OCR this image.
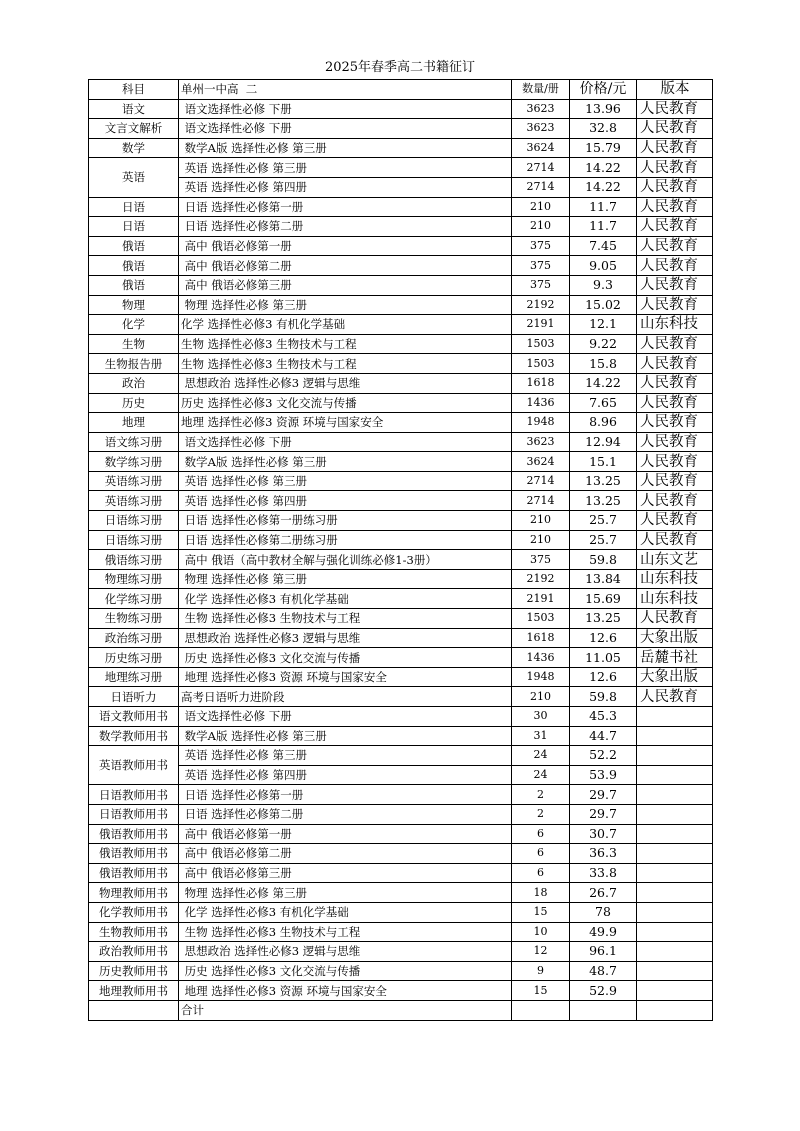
2025年春季高二书籍征订
科目	单州一中高  二	数量/册	价格/元	版本
语文	语文选择性必修 下册	3623	13.96	人民教育
文言文解析	语文选择性必修 下册	3623	32.8	人民教育
数学	数学A版 选择性必修 第三册	3624	15.79	人民教育
英语	英语 选择性必修 第三册	2714	14.22	人民教育
	英语 选择性必修 第四册	2714	14.22	人民教育
日语	日语 选择性必修第一册	210	11.7	人民教育
日语	日语 选择性必修第二册	210	11.7	人民教育
俄语	高中 俄语必修第一册	375	7.45	人民教育
俄语	高中 俄语必修第二册	375	9.05	人民教育
俄语	高中 俄语必修第三册	375	9.3	人民教育
物理	物理 选择性必修 第三册	2192	15.02	人民教育
化学	化学 选择性必修3 有机化学基础	2191	12.1	山东科技
生物	生物 选择性必修3 生物技术与工程	1503	9.22	人民教育
生物报告册	生物 选择性必修3 生物技术与工程	1503	15.8	人民教育
政治	思想政治 选择性必修3 逻辑与思维	1618	14.22	人民教育
历史	历史 选择性必修3 文化交流与传播	1436	7.65	人民教育
地理	地理 选择性必修3 资源 环境与国家安全	1948	8.96	人民教育
语文练习册	语文选择性必修 下册	3623	12.94	人民教育
数学练习册	数学A版 选择性必修 第三册	3624	15.1	人民教育
英语练习册	英语 选择性必修 第三册	2714	13.25	人民教育
英语练习册	英语 选择性必修 第四册	2714	13.25	人民教育
日语练习册	日语 选择性必修第一册练习册	210	25.7	人民教育
日语练习册	日语 选择性必修第二册练习册	210	25.7	人民教育
俄语练习册	高中 俄语（高中教材全解与强化训练必修1-3册）	375	59.8	山东文艺
物理练习册	物理 选择性必修 第三册	2192	13.84	山东科技
化学练习册	化学 选择性必修3 有机化学基础	2191	15.69	山东科技
生物练习册	生物 选择性必修3 生物技术与工程	1503	13.25	人民教育
政治练习册	思想政治 选择性必修3 逻辑与思维	1618	12.6	大象出版
历史练习册	历史 选择性必修3 文化交流与传播	1436	11.05	岳麓书社
地理练习册	地理 选择性必修3 资源 环境与国家安全	1948	12.6	大象出版
日语听力	高考日语听力进阶段	210	59.8	人民教育
语文教师用书	语文选择性必修 下册	30	45.3	
数学教师用书	数学A版 选择性必修 第三册	31	44.7	
英语教师用书	英语 选择性必修 第三册	24	52.2	
	英语 选择性必修 第四册	24	53.9	
日语教师用书	日语 选择性必修第一册	2	29.7	
日语教师用书	日语 选择性必修第二册	2	29.7	
俄语教师用书	高中 俄语必修第一册	6	30.7	
俄语教师用书	高中 俄语必修第二册	6	36.3	
俄语教师用书	高中 俄语必修第三册	6	33.8	
物理教师用书	物理 选择性必修 第三册	18	26.7	
化学教师用书	化学 选择性必修3 有机化学基础	15	78	
生物教师用书	生物 选择性必修3 生物技术与工程	10	49.9	
政治教师用书	思想政治 选择性必修3 逻辑与思维	12	96.1	
历史教师用书	历史 选择性必修3 文化交流与传播	9	48.7	
地理教师用书	地理 选择性必修3 资源 环境与国家安全	15	52.9	
	合计			
